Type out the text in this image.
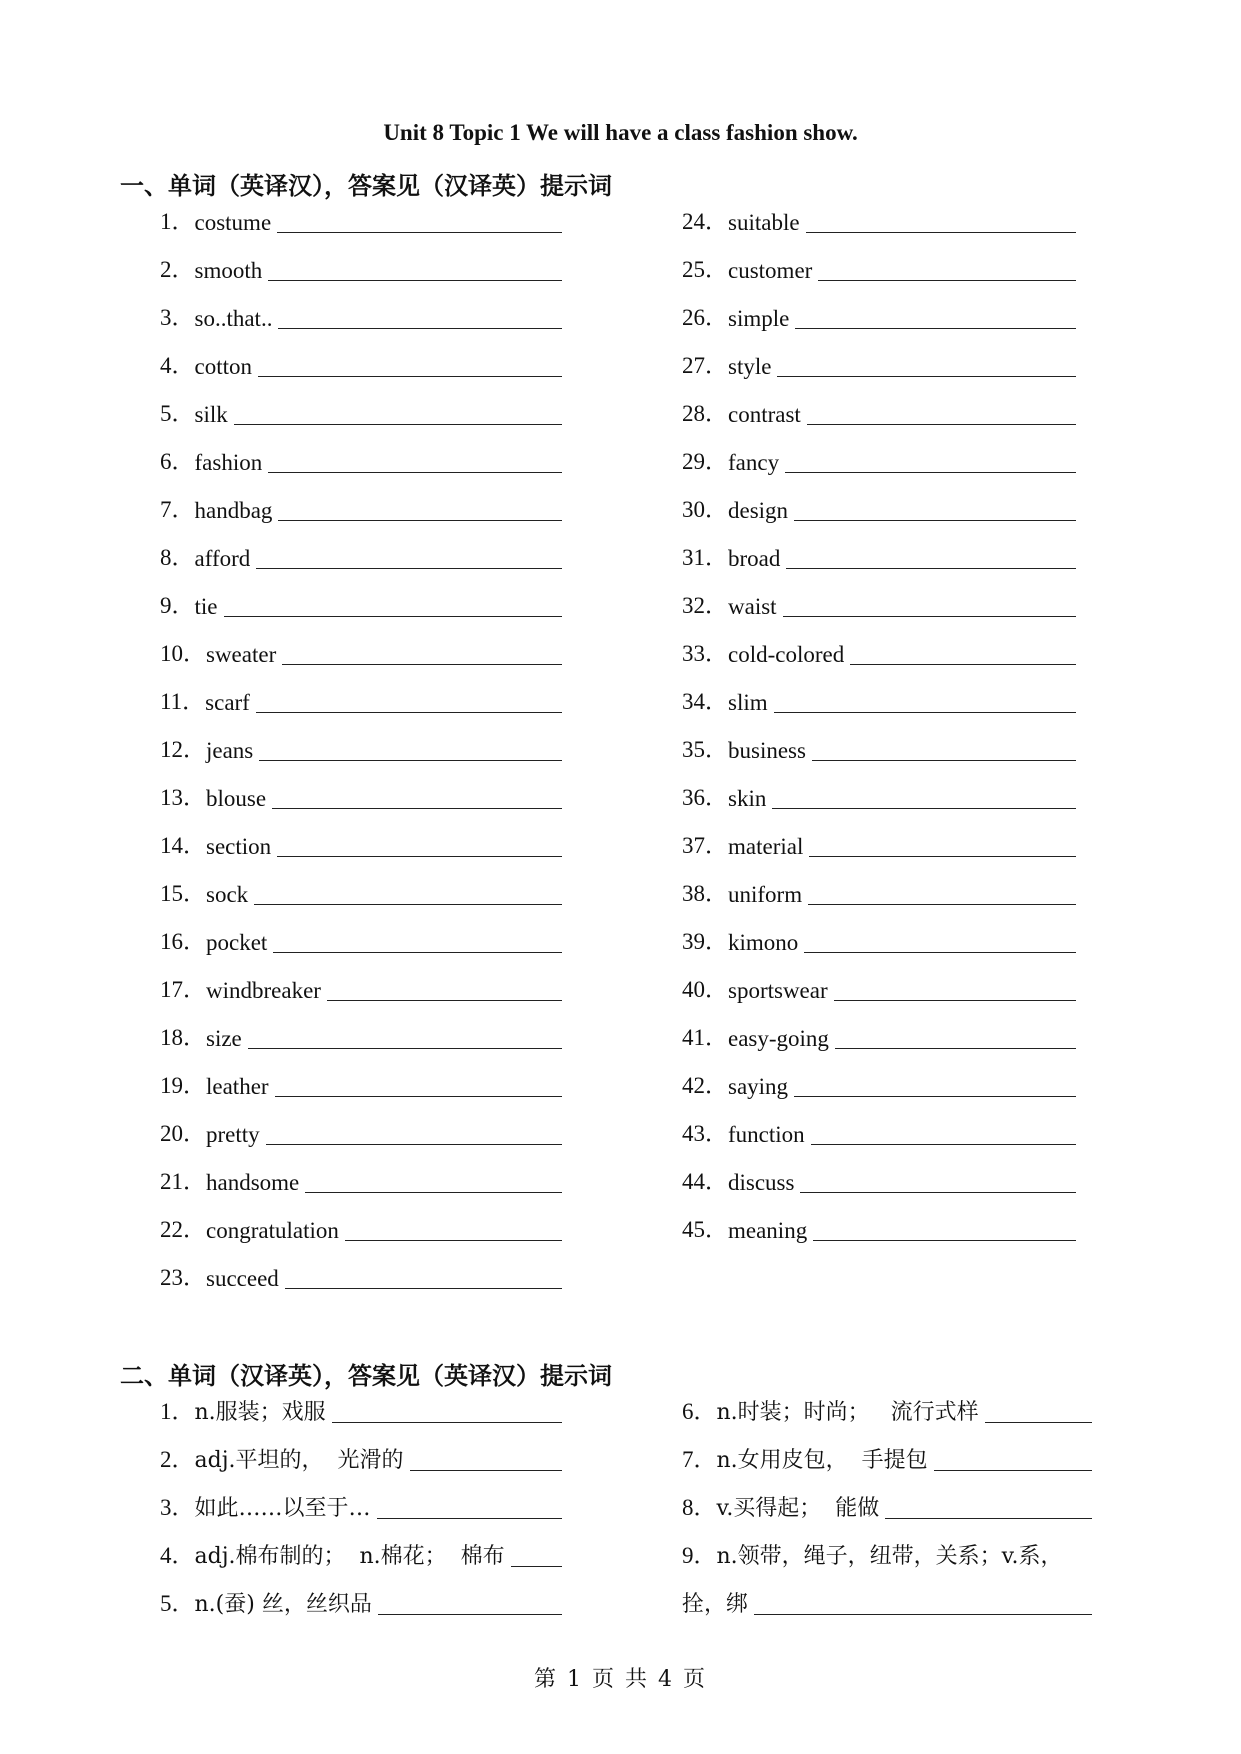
Unit 8 Topic 1 We will have a class fashion show.
一、单词（英译汉），答案见（汉译英）提示词
1． costume
2． smooth
3． so..that..
4． cotton
5． silk
6． fashion
7． handbag
8． afford
9． tie
10． sweater
11． scarf
12． jeans
13． blouse
14． section
15． sock
16． pocket
17． windbreaker
18． size
19． leather
20． pretty
21． handsome
22． congratulation
23． succeed
24． suitable
25． customer
26． simple
27． style
28． contrast
29． fancy
30． design
31． broad
32． waist
33． cold-colored
34． slim
35． business
36． skin
37． material
38． uniform
39． kimono
40． sportswear
41． easy-going
42． saying
43． function
44． discuss
45． meaning
二、单词（汉译英），答案见（英译汉）提示词
1． n.服装；戏服
2． adj.平坦的，  光滑的
3． 如此……以至于…
4． adj.棉布制的；  n.棉花；  棉布
5． n.(蚕) 丝，丝织品
6． n.时装；时尚；   流行式样
7． n.女用皮包，  手提包
8． v.买得起；  能做
9． n.领带，绳子，纽带，关系；v.系，
拴，绑
第 1 页 共 4 页
